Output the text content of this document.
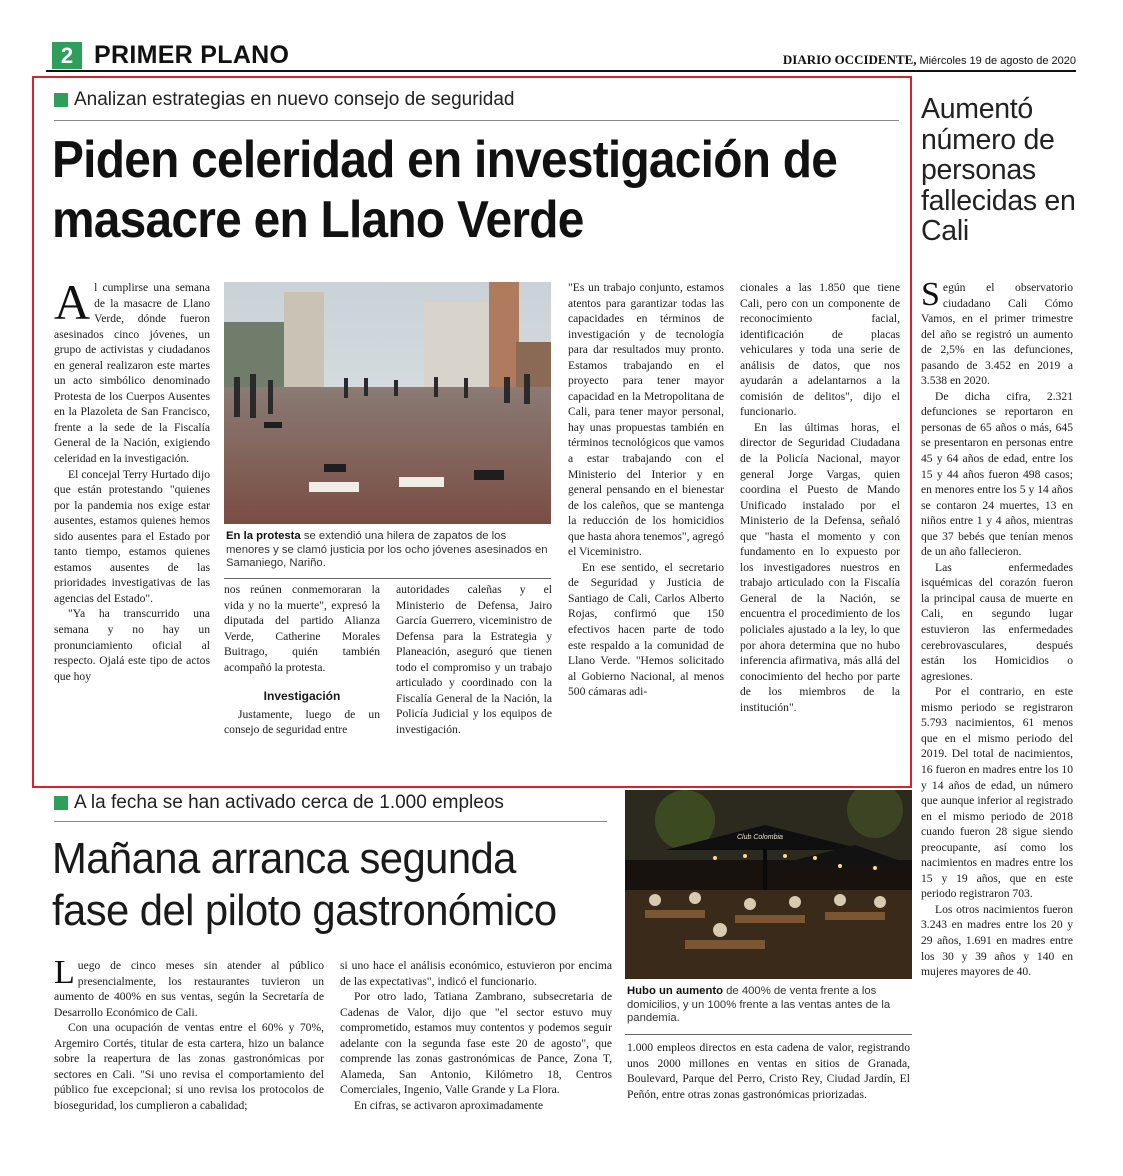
2 PRIMER PLANO	DIARIO OCCIDENTE, Miércoles 19 de agosto de 2020
Analizan estrategias en nuevo consejo de seguridad
Piden celeridad en investigación de masacre en Llano Verde
A l cumplirse una semana de la masacre de Llano Verde, dónde fueron asesinados cinco jóvenes, un grupo de activistas y ciudadanos en general realizaron este martes un acto simbólico denominado Protesta de los Cuerpos Ausentes en la Plazoleta de San Francisco, frente a la sede de la Fiscalía General de la Nación, exigiendo celeridad en la investigación.

El concejal Terry Hurtado dijo que están protestando "quienes por la pandemia nos exige estar ausentes, estamos quienes hemos sido ausentes para el Estado por tanto tiempo, estamos quienes estamos ausentes de las prioridades investigativas de las agencias del Estado".

"Ya ha transcurrido una semana y no hay un pronunciamiento oficial al respecto. Ojalá este tipo de actos que hoy

En la protesta se extendió una hilera de zapatos de los menores y se clamó justicia por los ocho jóvenes asesinados en Samaniego, Nariño.

nos reúnen conmemoraran la vida y no la muerte", expresó la diputada del partido Alianza Verde, Catherine Morales Buitrago, quién también acompañó la protesta.

Investigación

Justamente, luego de un consejo de seguridad entre

autoridades caleñas y el Ministerio de Defensa, Jairo García Guerrero, viceministro de Defensa para la Estrategia y Planeación, aseguró que tienen todo el compromiso y un trabajo articulado y coordinado con la Fiscalía General de la Nación, la Policía Judicial y los equipos de investigación.

"Es un trabajo conjunto, estamos atentos para garantizar todas las capacidades en términos de investigación y de tecnología para dar resultados muy pronto. Estamos trabajando en el proyecto para tener mayor capacidad en la Metropolitana de Cali, para tener mayor personal, hay unas propuestas también en términos tecnológicos que vamos a estar trabajando con el Ministerio del Interior y en general pensando en el bienestar de los caleños, que se mantenga la reducción de los homicidios que hasta ahora tenemos", agregó el Viceministro.

En ese sentido, el secretario de Seguridad y Justicia de Santiago de Cali, Carlos Alberto Rojas, confirmó que 150 efectivos hacen parte de todo este respaldo a la comunidad de Llano Verde. "Hemos solicitado al Gobierno Nacional, al menos 500 cámaras adi-

cionales a las 1.850 que tiene Cali, pero con un componente de reconocimiento facial, identificación de placas vehiculares y toda una serie de análisis de datos, que nos ayudarán a adelantarnos a la comisión de delitos", dijo el funcionario.

En las últimas horas, el director de Seguridad Ciudadana de la Policía Nacional, mayor general Jorge Vargas, quien coordina el Puesto de Mando Unificado instalado por el Ministerio de la Defensa, señaló que "hasta el momento y con fundamento en lo expuesto por los investigadores nuestros en trabajo articulado con la Fiscalía General de la Nación, se encuentra el procedimiento de los policiales ajustado a la ley, lo que por ahora determina que no hubo inferencia afirmativa, más allá del conocimiento del hecho por parte de los miembros de la institución".

Aumentó número de personas fallecidas en Cali
S egún el observatorio ciudadano Cali Cómo Vamos, en el primer trimestre del año se registró un aumento de 2,5% en las defunciones, pasando de 3.452 en 2019 a 3.538 en 2020.

De dicha cifra, 2.321 defunciones se reportaron en personas de 65 años o más, 645 se presentaron en personas entre 45 y 64 años de edad, entre los 15 y 44 años fueron 498 casos; en menores entre los 5 y 14 años se contaron 24 muertes, 13 en niños entre 1 y 4 años, mientras que 37 bebés que tenían menos de un año fallecieron.

Las enfermedades isquémicas del corazón fueron la principal causa de muerte en Cali, en segundo lugar estuvieron las enfermedades cerebrovasculares, después están los Homicidios o agresiones.

Por el contrario, en este mismo periodo se registraron 5.793 nacimientos, 61 menos que en el mismo periodo del 2019. Del total de nacimientos, 16 fueron en madres entre los 10 y 14 años de edad, un número que aunque inferior al registrado en el mismo periodo de 2018 cuando fueron 28 sigue siendo preocupante, así como los nacimientos en madres entre los 15 y 19 años, que en este periodo registraron 703.

Los otros nacimientos fueron 3.243 en madres entre los 20 y 29 años, 1.691 en madres entre los 30 y 39 años y 140 en mujeres mayores de 40.

A la fecha se han activado cerca de 1.000 empleos
Mañana arranca segunda fase del piloto gastronómico
L uego de cinco meses sin atender al público presencialmente, los restaurantes tuvieron un aumento de 400% en sus ventas, según la Secretaría de Desarrollo Económico de Cali.

Con una ocupación de ventas entre el 60% y 70%, Argemiro Cortés, titular de esta cartera, hizo un balance sobre la reapertura de las zonas gastronómicas por sectores en Cali. "Si uno revisa el comportamiento del público fue excepcional; si uno revisa los protocolos de bioseguridad, los cumplieron a cabalidad;

si uno hace el análisis económico, estuvieron por encima de las expectativas", indicó el funcionario.

Por otro lado, Tatiana Zambrano, subsecretaria de Cadenas de Valor, dijo que "el sector estuvo muy comprometido, estamos muy contentos y podemos seguir adelante con la segunda fase este 20 de agosto", que comprende las zonas gastronómicas de Pance, Zona T, Alameda, San Antonio, Kilómetro 18, Centros Comerciales, Ingenio, Valle Grande y La Flora.

En cifras, se activaron aproximadamente

Club Colombia
Hubo un aumento de 400% de venta frente a los domicilios, y un 100% frente a las ventas antes de la pandemia.

1.000 empleos directos en esta cadena de valor, registrando unos 2000 millones en ventas en sitios de Granada, Boulevard, Parque del Perro, Cristo Rey, Ciudad Jardín, El Peñón, entre otras zonas gastronómicas priorizadas.
